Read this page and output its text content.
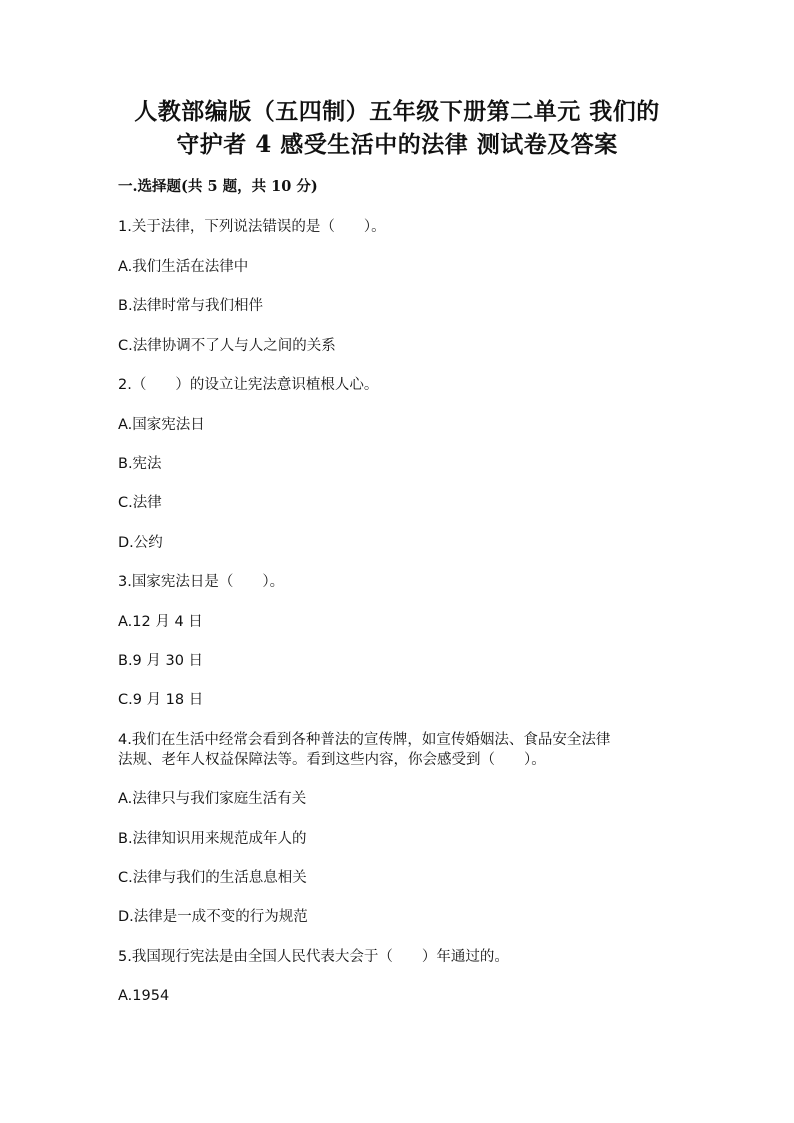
人教部编版（五四制）五年级下册第二单元 我们的
守护者 4 感受生活中的法律 测试卷及答案
一.选择题(共 5 题，共 10 分)
1.关于法律，下列说法错误的是（　　）。
A.我们生活在法律中
B.法律时常与我们相伴
C.法律协调不了人与人之间的关系
2.（　　）的设立让宪法意识植根人心。
A.国家宪法日
B.宪法
C.法律
D.公约
3.国家宪法日是（　　）。
A.12 月 4 日
B.9 月 30 日
C.9 月 18 日
4.我们在生活中经常会看到各种普法的宣传牌，如宣传婚姻法、食品安全法律
法规、老年人权益保障法等。看到这些内容，你会感受到（　　）。
A.法律只与我们家庭生活有关
B.法律知识用来规范成年人的
C.法律与我们的生活息息相关
D.法律是一成不变的行为规范
5.我国现行宪法是由全国人民代表大会于（　　）年通过的。
A.1954
